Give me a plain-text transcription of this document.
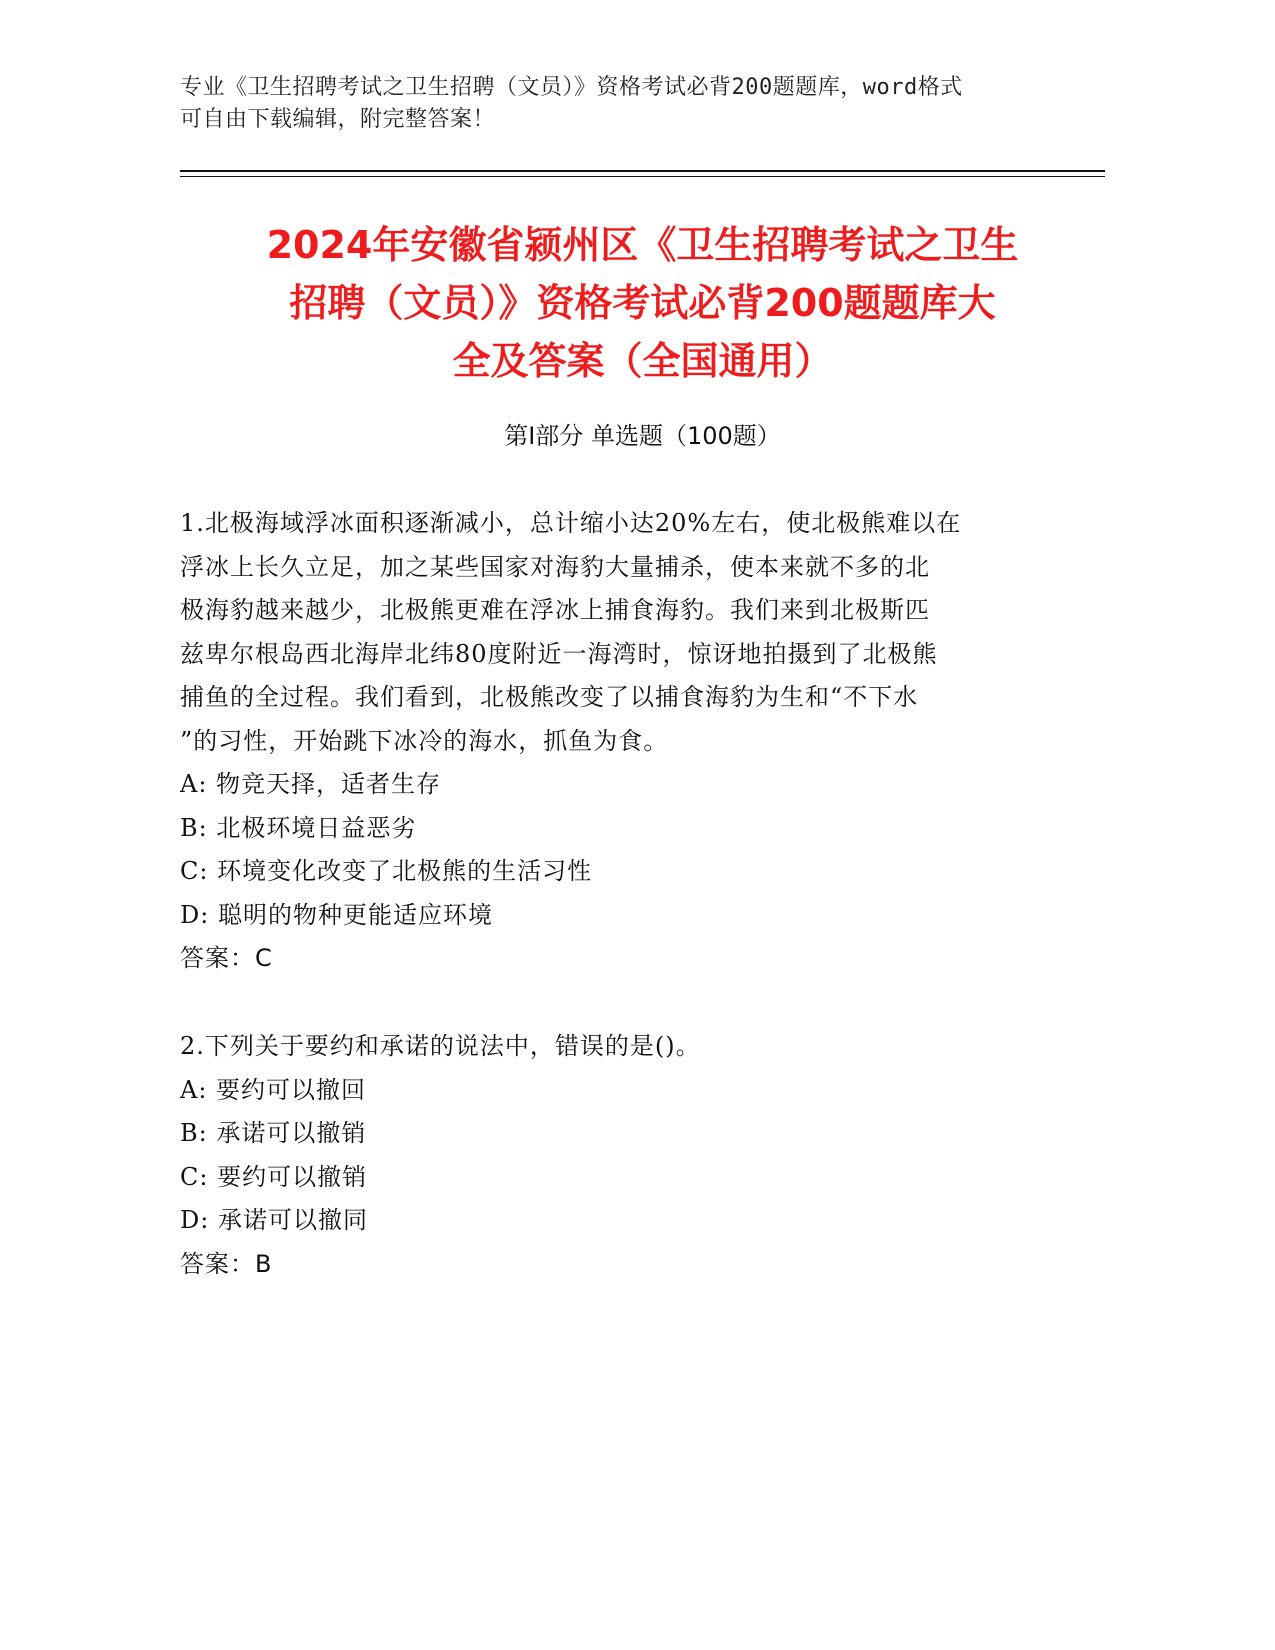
专业《卫生招聘考试之卫生招聘（文员）》资格考试必背200题题库，word格式
可自由下载编辑，附完整答案！
2024年安徽省颍州区《卫生招聘考试之卫生
招聘（文员）》资格考试必背200题题库大
全及答案（全国通用）
第Ⅰ部分 单选题（100题）

1.北极海域浮冰面积逐渐减小，总计缩小达20%左右，使北极熊难以在

浮冰上长久立足，加之某些国家对海豹大量捕杀，使本来就不多的北

极海豹越来越少，北极熊更难在浮冰上捕食海豹。我们来到北极斯匹

兹卑尔根岛西北海岸北纬80度附近一海湾时，惊讶地拍摄到了北极熊

捕鱼的全过程。我们看到，北极熊改变了以捕食海豹为生和“不下水

”的习性，开始跳下冰冷的海水，抓鱼为食。

A: 物竞天择，适者生存

B: 北极环境日益恶劣

C: 环境变化改变了北极熊的生活习性

D: 聪明的物种更能适应环境

答案：C

2.下列关于要约和承诺的说法中，错误的是()。

A: 要约可以撤回

B: 承诺可以撤销

C: 要约可以撤销

D: 承诺可以撤同

答案：B
